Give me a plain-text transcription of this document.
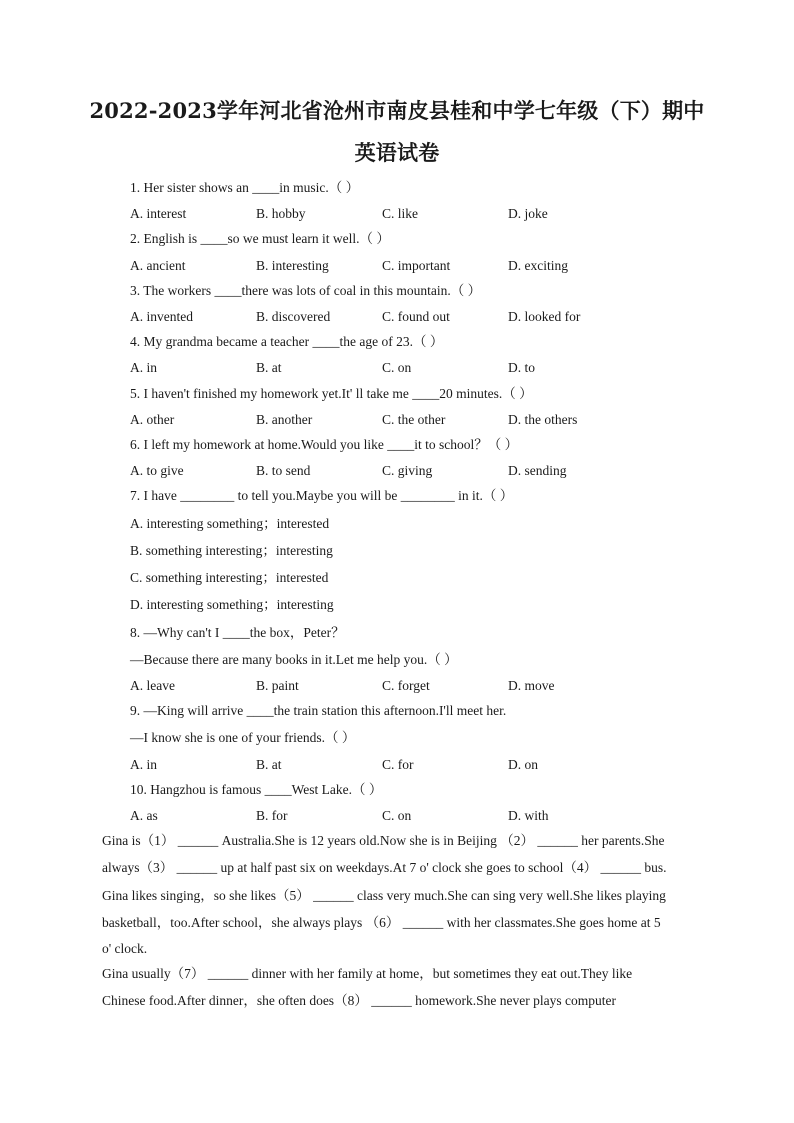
2022-2023学年河北省沧州市南皮县桂和中学七年级（下）期中
英语试卷
1. Her sister shows an ____in music.（ ）
A. interest	B. hobby	C. like	D. joke
2. English is ____so we must learn it well.（ ）
A. ancient	B. interesting	C. important	D. exciting
3. The workers ____there was lots of coal in this mountain.（ ）
A. invented	B. discovered	C. found out	D. looked for
4. My grandma became a teacher ____the age of 23.（ ）
A. in	B. at	C. on	D. to
5. I haven't finished my homework yet.It' ll take me ____20 minutes.（ ）
A. other	B. another	C. the other	D. the others
6. I left my homework at home.Would you like ____it to school？（ ）
A. to give	B. to send	C. giving	D. sending
7. I have ________ to tell you.Maybe you will be ________ in it.（ ）
A. interesting something；interested
B. something interesting；interesting
C. something interesting；interested
D. interesting something；interesting
8. —Why can't I ____the box，Peter？
—Because there are many books in it.Let me help you.（ ）
A. leave	B. paint	C. forget	D. move
9. —King will arrive ____the train station this afternoon.I'll meet her.
—I know she is one of your friends.（ ）
A. in	B. at	C. for	D. on
10. Hangzhou is famous ____West Lake.（ ）
A. as	B. for	C. on	D. with
Gina is（1） ______ Australia.She is 12 years old.Now she is in Beijing （2） ______ her parents.She
always（3） ______ up at half past six on weekdays.At 7 o' clock she goes to school（4） ______ bus.
Gina likes singing，so she likes（5） ______ class very much.She can sing very well.She likes playing
basketball，too.After school，she always plays （6） ______ with her classmates.She goes home at 5
o' clock.
Gina usually（7） ______ dinner with her family at home，but sometimes they eat out.They like
Chinese food.After dinner，she often does（8） ______ homework.She never plays computer
